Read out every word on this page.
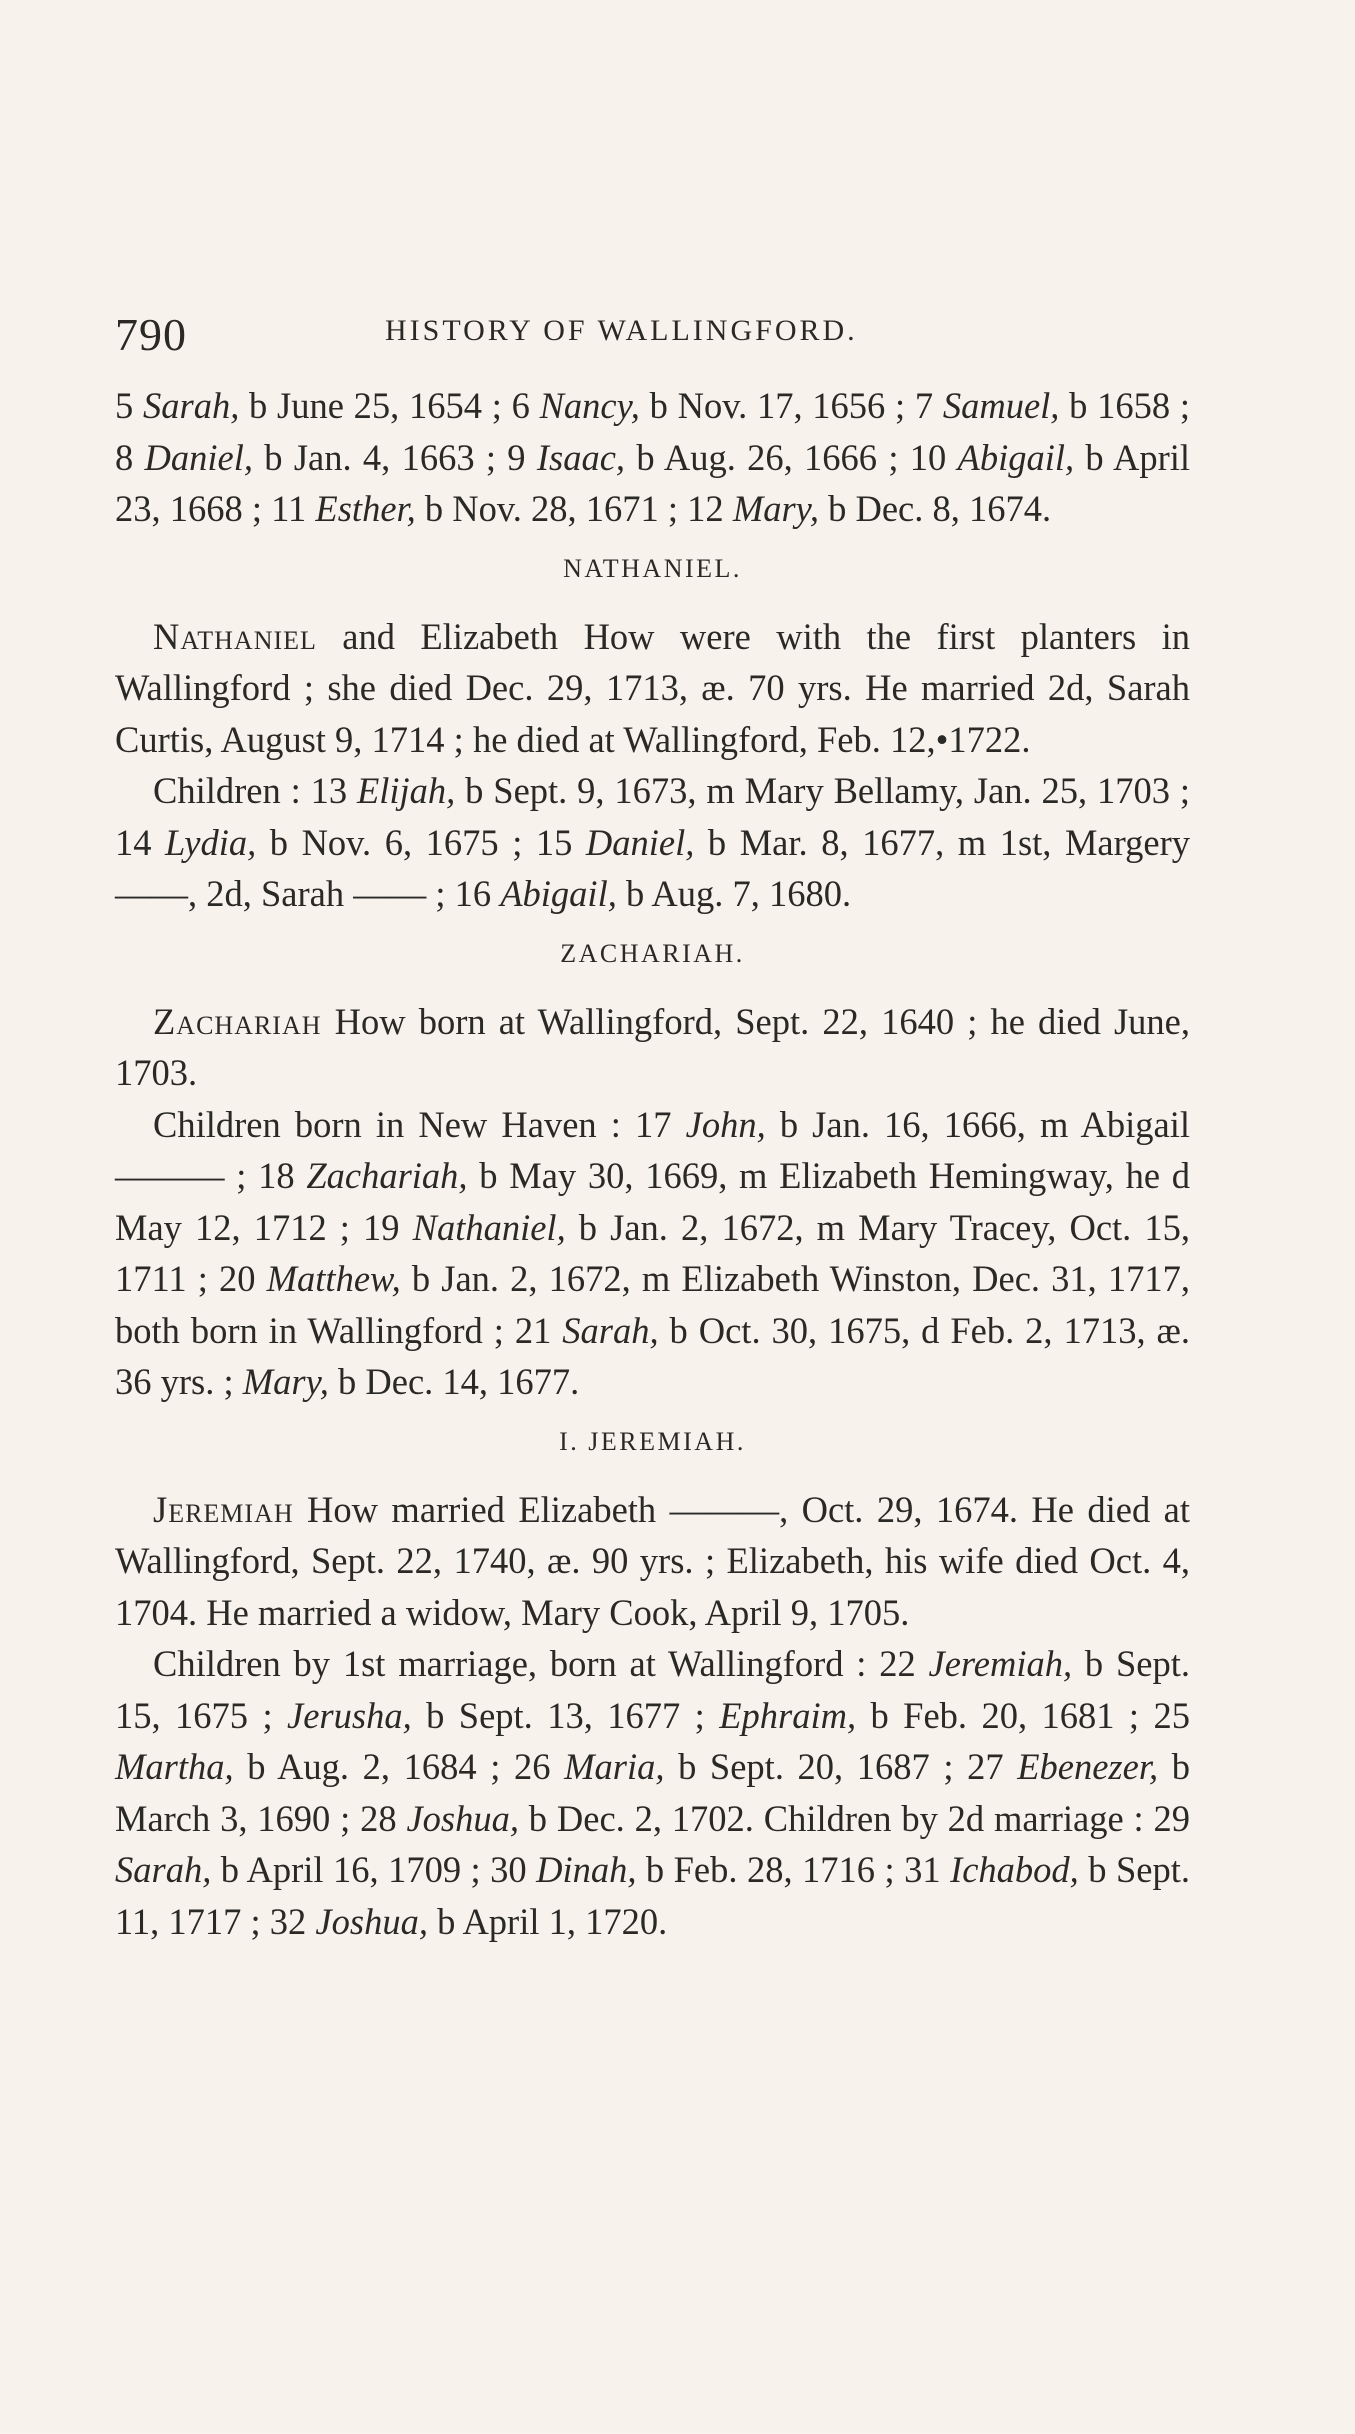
790	HISTORY OF WALLINGFORD.

5 Sarah, b June 25, 1654 ; 6 Nancy, b Nov. 17, 1656 ; 7 Samuel, b 1658 ; 8 Daniel, b Jan. 4, 1663 ; 9 Isaac, b Aug. 26, 1666 ; 10 Abigail, b April 23, 1668 ; 11 Esther, b Nov. 28, 1671 ; 12 Mary, b Dec. 8, 1674.

NATHANIEL.

Nathaniel and Elizabeth How were with the first planters in Wallingford ; she died Dec. 29, 1713, æ. 70 yrs. He married 2d, Sarah Curtis, August 9, 1714 ; he died at Wallingford, Feb. 12,•1722.

Children : 13 Elijah, b Sept. 9, 1673, m Mary Bellamy, Jan. 25, 1703 ; 14 Lydia, b Nov. 6, 1675 ; 15 Daniel, b Mar. 8, 1677, m 1st, Margery ——, 2d, Sarah —— ; 16 Abigail, b Aug. 7, 1680.

ZACHARIAH.

Zachariah How born at Wallingford, Sept. 22, 1640 ; he died June, 1703.

Children born in New Haven : 17 John, b Jan. 16, 1666, m Abigail ——— ; 18 Zachariah, b May 30, 1669, m Elizabeth Hemingway, he d May 12, 1712 ; 19 Nathaniel, b Jan. 2, 1672, m Mary Tracey, Oct. 15, 1711 ; 20 Matthew, b Jan. 2, 1672, m Elizabeth Winston, Dec. 31, 1717, both born in Wallingford ; 21 Sarah, b Oct. 30, 1675, d Feb. 2, 1713, æ. 36 yrs. ; Mary, b Dec. 14, 1677.

I. JEREMIAH.

Jeremiah How married Elizabeth ———, Oct. 29, 1674. He died at Wallingford, Sept. 22, 1740, æ. 90 yrs. ; Elizabeth, his wife died Oct. 4, 1704. He married a widow, Mary Cook, April 9, 1705.

Children by 1st marriage, born at Wallingford : 22 Jeremiah, b Sept. 15, 1675 ; Jerusha, b Sept. 13, 1677 ; Ephraim, b Feb. 20, 1681 ; 25 Martha, b Aug. 2, 1684 ; 26 Maria, b Sept. 20, 1687 ; 27 Ebenezer, b March 3, 1690 ; 28 Joshua, b Dec. 2, 1702. Children by 2d marriage : 29 Sarah, b April 16, 1709 ; 30 Dinah, b Feb. 28, 1716 ; 31 Ichabod, b Sept. 11, 1717 ; 32 Joshua, b April 1, 1720.
